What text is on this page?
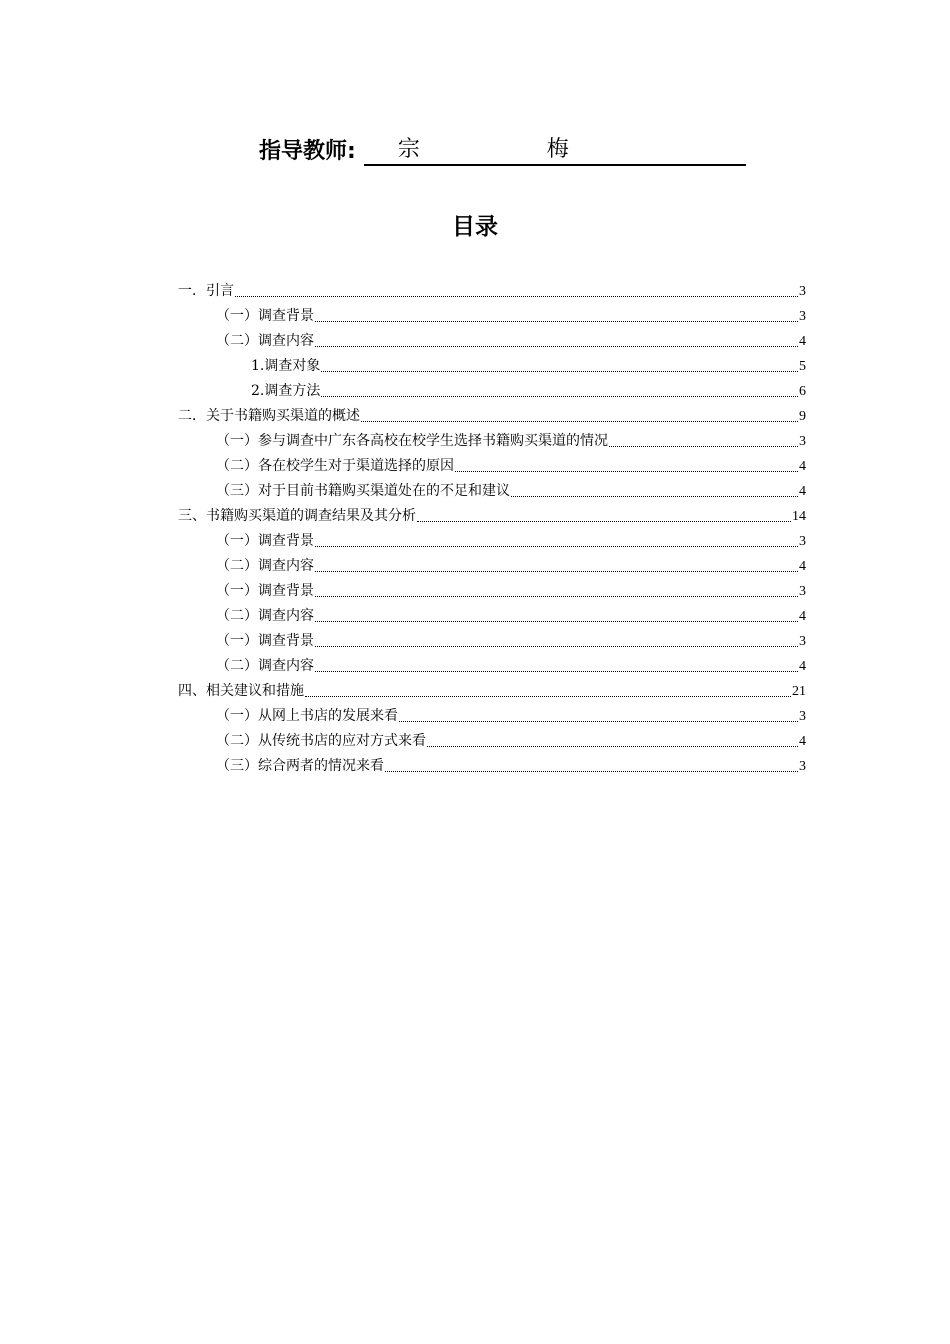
指导教师: 宗 梅
目录
一．引言	3
（一）调查背景	3
（二）调查内容	4
1.调查对象	5
2.调查方法	6
二．关于书籍购买渠道的概述	9
（一）参与调查中广东各高校在校学生选择书籍购买渠道的情况	3
（二）各在校学生对于渠道选择的原因	4
（三）对于目前书籍购买渠道处在的不足和建议	4
三、书籍购买渠道的调查结果及其分析	14
（一）调查背景	3
（二）调查内容	4
（一）调查背景	3
（二）调查内容	4
（一）调查背景	3
（二）调查内容	4
四、相关建议和措施	21
（一）从网上书店的发展来看	3
（二）从传统书店的应对方式来看	4
（三）综合两者的情况来看	3
